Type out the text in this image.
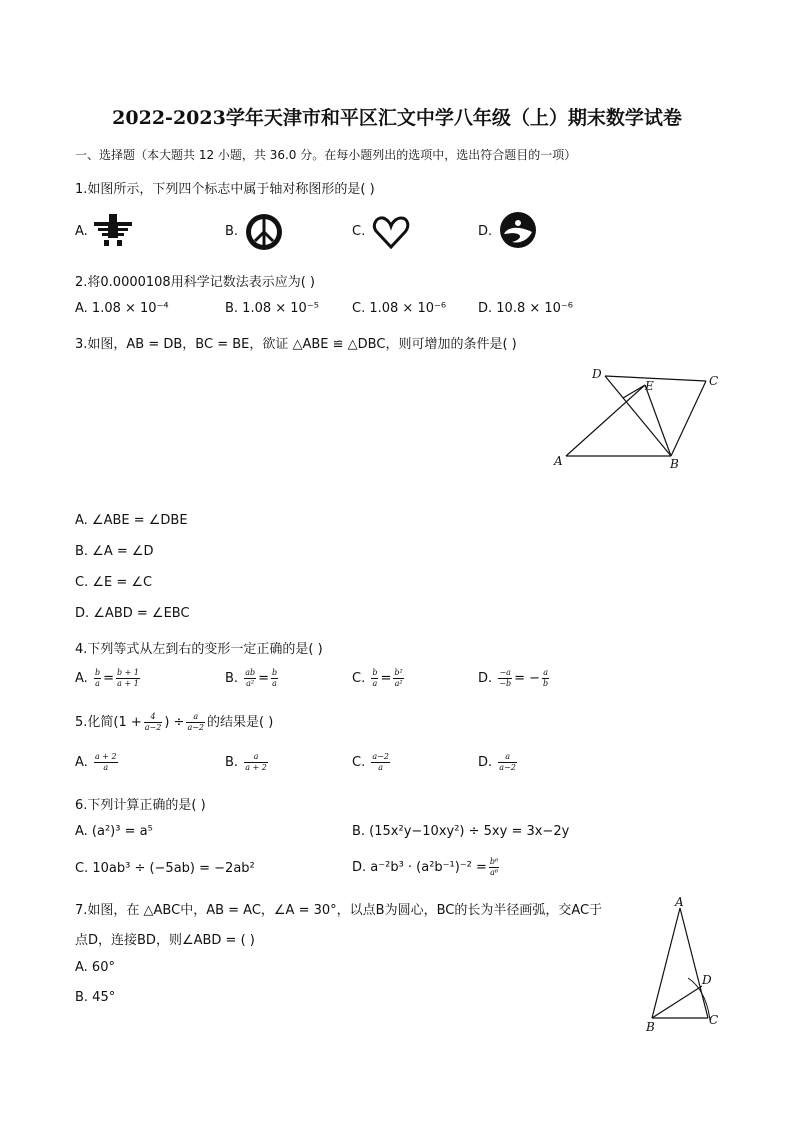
2022-2023学年天津市和平区汇文中学八年级（上）期末数学试卷
一、选择题（本大题共 12 小题，共 36.0 分。在每小题列出的选项中，选出符合题目的一项）
1.如图所示，下列四个标志中属于轴对称图形的是( )
A.	B.	C.	D.
2.将0.0000108用科学记数法表示应为( )
A. 1.08 × 10⁻⁴	B. 1.08 × 10⁻⁵	C. 1.08 × 10⁻⁶ D. 10.8 × 10⁻⁶
3.如图，AB = DB，BC = BE，欲证 △ABE ≌ △DBC，则可增加的条件是( )
D
E	C
A	B
A. ∠ABE = ∠DBE
B. ∠A = ∠D
C. ∠E = ∠C
D. ∠ABD = ∠EBC
4.下列等式从左到右的变形一定正确的是( )
A. $\frac{b}{a} = \frac{b + 1}{a + 1}$	B. $\frac{ab}{\text{a²}} = \frac{b}{a}$	C. $\frac{b}{a} = \frac{\text{b²}}{\text{a²}}$	D. $\frac{-a}{-b}$ = − $\frac{a}{b}$
5.化简($1 + \frac{4}{a-2}$ ) ÷ $\frac{a}{a-2}$ 的结果是( )
A. $\frac{a + 2}{a}$	B. $\frac{a}{a + 2}$	C. $\frac{a-2}{a}$	D. $\frac{a}{a-2}$
6.下列计算正确的是( )
A. (a²)³ = a⁵	B. (15x²y−10xy²) ÷ 5xy = 3x−2y
C. 10ab³ ÷ (−5ab) = −2ab²	D. $a^{-2}b^3 \cdot (a^2b^{-1})^{-2} = \frac{\text{b⁶}}{\text{a⁶}}$
7.如图，在 △ABC中，AB = AC，∠A = 30°，以点B为圆心，BC的长为半径画弧，交AC于
点D，连接BD，则∠ABD = ( )
A. 60°
B. 45°
A
B	C
D
